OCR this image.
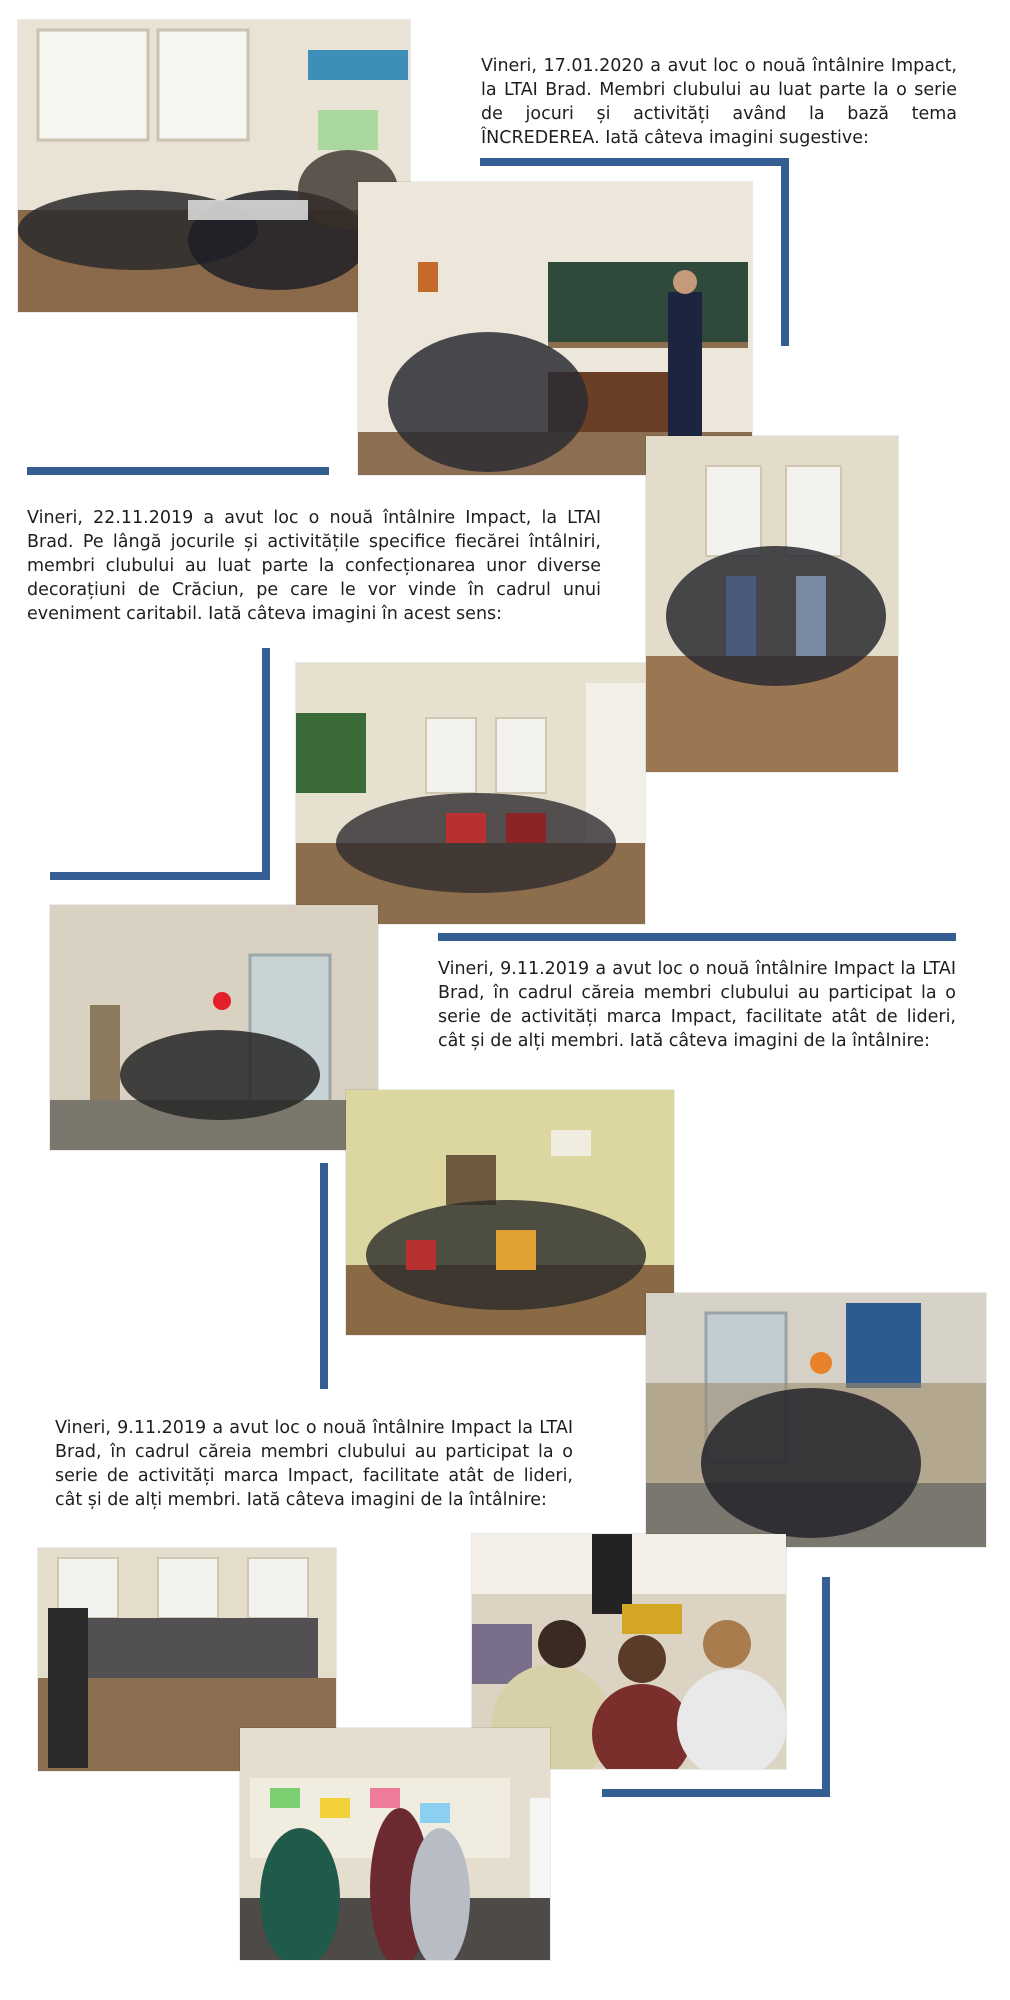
Vineri, 17.01.2020 a avut loc o nouă întâlnire Impact, la LTAI Brad. Membri clubului au luat parte la o serie de jocuri și activități având la bază tema ÎNCREDEREA. Iată câteva imagini sugestive:
Vineri, 22.11.2019 a avut loc o nouă întâlnire Impact, la LTAI Brad. Pe lângă jocurile și activitățile specifice fiecărei întâlniri, membri clubului au luat parte la confecționarea unor diverse decorațiuni de Crăciun, pe care le vor vinde în cadrul unui eveniment caritabil. Iată câteva imagini în acest sens:
Vineri, 9.11.2019 a avut loc o nouă întâlnire Impact la LTAI Brad, în cadrul căreia membri clubului au participat la o serie de activități marca Impact, facilitate atât de lideri, cât și de alți membri. Iată câteva imagini de la întâlnire:
Vineri, 9.11.2019 a avut loc o nouă întâlnire Impact la LTAI Brad, în cadrul căreia membri clubului au participat la o serie de activități marca Impact, facilitate atât de lideri, cât și de alți membri. Iată câteva imagini de la întâlnire:
